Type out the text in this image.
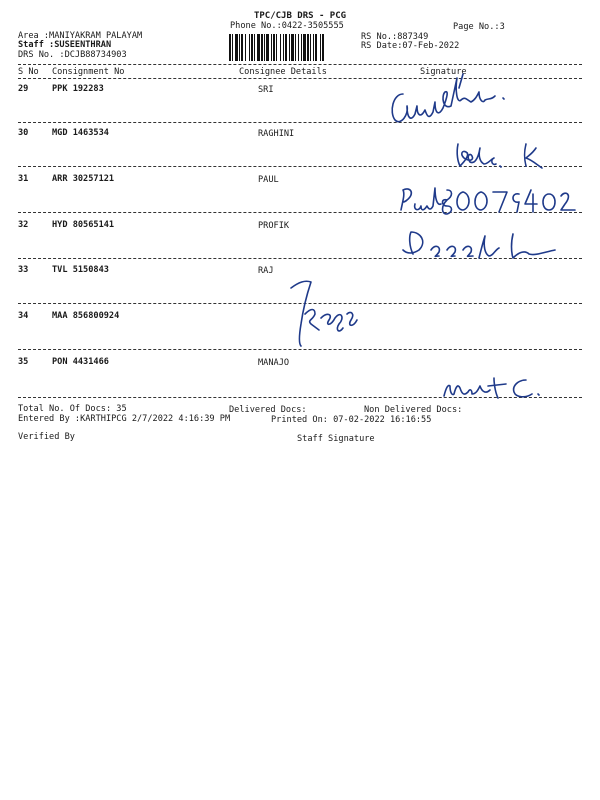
TPC/CJB DRS - PCG
Phone No.:0422-3505555	Page No.:3
Area :MANIYAKRAM PALAYAM
Staff :SUSEENTHRAN
DRS No. :DCJB88734903
RS No.:887349
RS Date:07-Feb-2022
S No Consignment No	Consignee Details	Signature
29	PPK 192283	SRI
30	MGD 1463534	RAGHINI
31	ARR 30257121	PAUL
32	HYD 80565141	PROFIK
33	TVL 5150843	RAJ
34	MAA 856800924
35	PON 4431466	MANAJO
Total No. Of Docs: 35	Delivered Docs:	Non Delivered Docs:
Entered By :KARTHIPCG 2/7/2022 4:16:39 PM	Printed On: 07-02-2022 16:16:55
Verified By	Staff Signature
